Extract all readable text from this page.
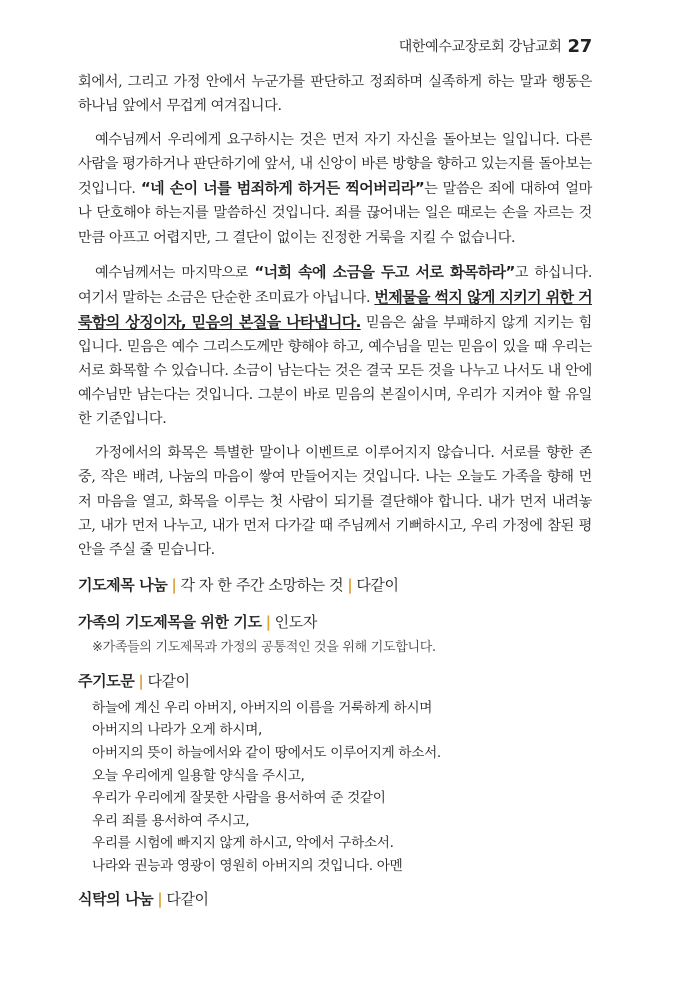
대한예수교장로회 강남교회 27

회에서, 그리고 가정 안에서 누군가를 판단하고 정죄하며 실족하게 하는 말과 행동은 하나님 앞에서 무겁게 여겨집니다.

예수님께서 우리에게 요구하시는 것은 먼저 자기 자신을 돌아보는 일입니다. 다른 사람을 평가하거나 판단하기에 앞서, 내 신앙이 바른 방향을 향하고 있는지를 돌아보는 것입니다. “네 손이 너를 범죄하게 하거든 찍어버리라”는 말씀은 죄에 대하여 얼마나 단호해야 하는지를 말씀하신 것입니다. 죄를 끊어내는 일은 때로는 손을 자르는 것만큼 아프고 어렵지만, 그 결단이 없이는 진정한 거룩을 지킬 수 없습니다.

예수님께서는 마지막으로 “너희 속에 소금을 두고 서로 화목하라”고 하십니다. 여기서 말하는 소금은 단순한 조미료가 아닙니다. 번제물을 썩지 않게 지키기 위한 거룩함의 상징이자, 믿음의 본질을 나타냅니다. 믿음은 삶을 부패하지 않게 지키는 힘입니다. 믿음은 예수 그리스도께만 향해야 하고, 예수님을 믿는 믿음이 있을 때 우리는 서로 화목할 수 있습니다. 소금이 남는다는 것은 결국 모든 것을 나누고 나서도 내 안에 예수님만 남는다는 것입니다. 그분이 바로 믿음의 본질이시며, 우리가 지켜야 할 유일한 기준입니다.

가정에서의 화목은 특별한 말이나 이벤트로 이루어지지 않습니다. 서로를 향한 존중, 작은 배려, 나눔의 마음이 쌓여 만들어지는 것입니다. 나는 오늘도 가족을 향해 먼저 마음을 열고, 화목을 이루는 첫 사람이 되기를 결단해야 합니다. 내가 먼저 내려놓고, 내가 먼저 나누고, 내가 먼저 다가갈 때 주님께서 기뻐하시고, 우리 가정에 참된 평안을 주실 줄 믿습니다.

기도제목 나눔 | 각 자 한 주간 소망하는 것 | 다같이
가족의 기도제목을 위한 기도 | 인도자
※가족들의 기도제목과 가정의 공통적인 것을 위해 기도합니다.
주기도문 | 다같이
하늘에 계신 우리 아버지, 아버지의 이름을 거룩하게 하시며
아버지의 나라가 오게 하시며,
아버지의 뜻이 하늘에서와 같이 땅에서도 이루어지게 하소서.
오늘 우리에게 일용할 양식을 주시고,
우리가 우리에게 잘못한 사람을 용서하여 준 것같이
우리 죄를 용서하여 주시고,
우리를 시험에 빠지지 않게 하시고, 악에서 구하소서.
나라와 권능과 영광이 영원히 아버지의 것입니다. 아멘
식탁의 나눔 | 다같이
